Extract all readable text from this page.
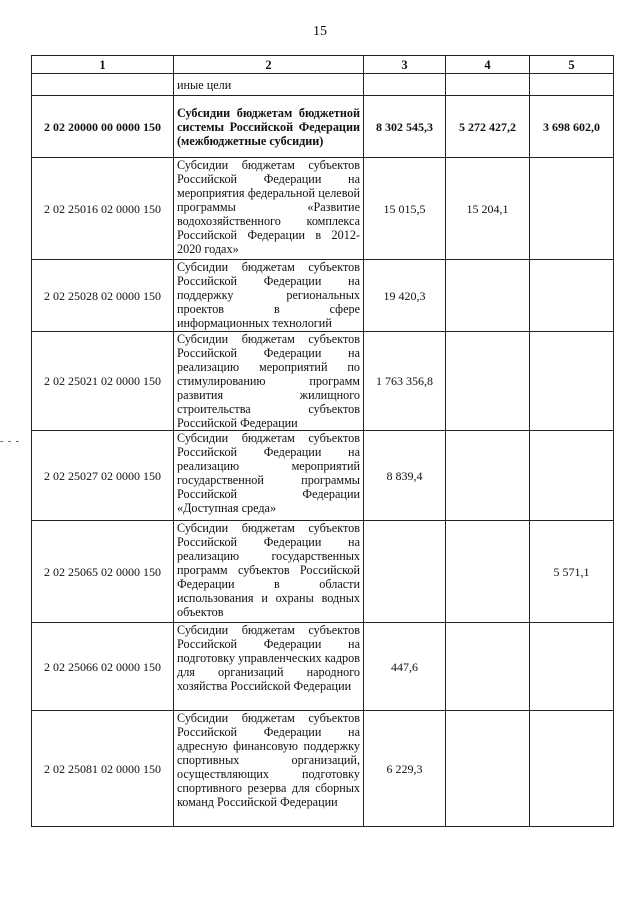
15
- - -
1	2	3	4	5
	иные цели			
2 02 20000 00 0000 150	Субсидии бюджетам бюджетной системы Российской Федерации (межбюджетные субсидии)	8 302 545,3	5 272 427,2	3 698 602,0
2 02 25016 02 0000 150	Субсидии бюджетам субъектов Российской Федерации на мероприятия федеральной целевой программы «Развитие водохозяйственного комплекса Российской Федерации в 2012-2020 годах»	15 015,5	15 204,1	
2 02 25028 02 0000 150	Субсидии бюджетам субъектов Российской Федерации на поддержку региональных проектов в сфере информационных технологий	19 420,3		
2 02 25021 02 0000 150	Субсидии бюджетам субъектов Российской Федерации на реализацию мероприятий по стимулированию программ развития жилищного строительства субъектов Российской Федерации	1 763 356,8		
2 02 25027 02 0000 150	Субсидии бюджетам субъектов Российской Федерации на реализацию мероприятий государственной программы Российской Федерации «Доступная среда»	8 839,4		
2 02 25065 02 0000 150	Субсидии бюджетам субъектов Российской Федерации на реализацию государственных программ субъектов Российской Федерации в области использования и охраны водных объектов			5 571,1
2 02 25066 02 0000 150	Субсидии бюджетам субъектов Российской Федерации на подготовку управленческих кадров для организаций народного хозяйства Российской Федерации	447,6		
2 02 25081 02 0000 150	Субсидии бюджетам субъектов Российской Федерации на адресную финансовую поддержку спортивных организаций, осуществляющих подготовку спортивного резерва для сборных команд Российской Федерации	6 229,3		
